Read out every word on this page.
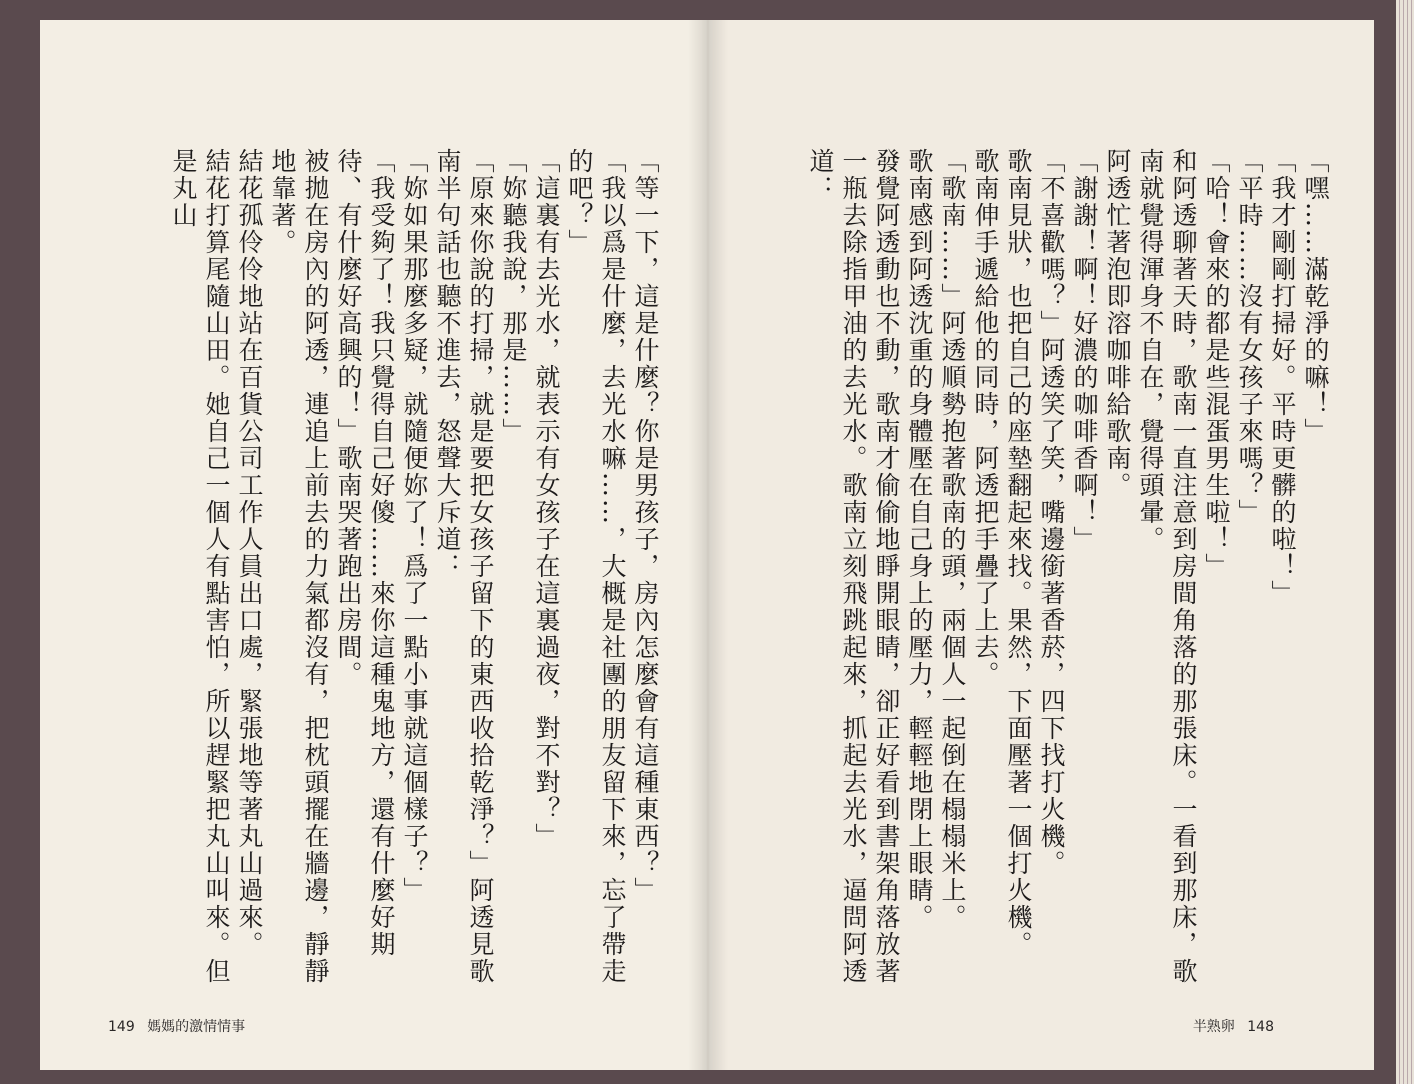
「等一下，這是什麼？你是男孩子，房內怎麼會有這種東西？」
「我以爲是什麼，去光水嘛……，大概是社團的朋友留下來，忘了帶走的吧？」
「這裏有去光水，就表示有女孩子在這裏過夜，對不對？」
「妳聽我說，那是……」
「原來你說的打掃，就是要把女孩子留下的東西收拾乾淨？」阿透見歌南半句話也聽不進去，怒聲大斥道：
「妳如果那麼多疑，就隨便妳了！爲了一點小事就這個樣子？」
「我受夠了！我只覺得自己好傻……來你這種鬼地方，還有什麼好期待、有什麼好高興的！」歌南哭著跑出房間。
被拋在房內的阿透，連追上前去的力氣都沒有，把枕頭擺在牆邊，靜靜地靠著。
結花孤伶伶地站在百貨公司工作人員出口處，緊張地等著丸山過來。
結花打算尾隨山田。她自己一個人有點害怕，所以趕緊把丸山叫來。但是丸山
149 媽媽的激情情事
「嘿……滿乾淨的嘛！」
「我才剛剛打掃好。平時更髒的啦！」
「平時……沒有女孩子來嗎？」
「哈！會來的都是些混蛋男生啦！」
和阿透聊著天時，歌南一直注意到房間角落的那張床。一看到那床，歌南就覺得渾身不自在，覺得頭暈。
阿透忙著泡即溶咖啡給歌南。
「謝謝！啊！好濃的咖啡香啊！」
「不喜歡嗎？」阿透笑了笑，嘴邊銜著香菸，四下找打火機。
歌南見狀，也把自己的座墊翻起來找。果然，下面壓著一個打火機。
歌南伸手遞給他的同時，阿透把手疊了上去。
「歌南……」阿透順勢抱著歌南的頭，兩個人一起倒在榻榻米上。
歌南感到阿透沈重的身體壓在自己身上的壓力，輕輕地閉上眼睛。
發覺阿透動也不動，歌南才偷偷地睜開眼睛，卻正好看到書架角落放著一瓶去除指甲油的去光水。歌南立刻飛跳起來，抓起去光水，逼問阿透道：
半熟卵 148
